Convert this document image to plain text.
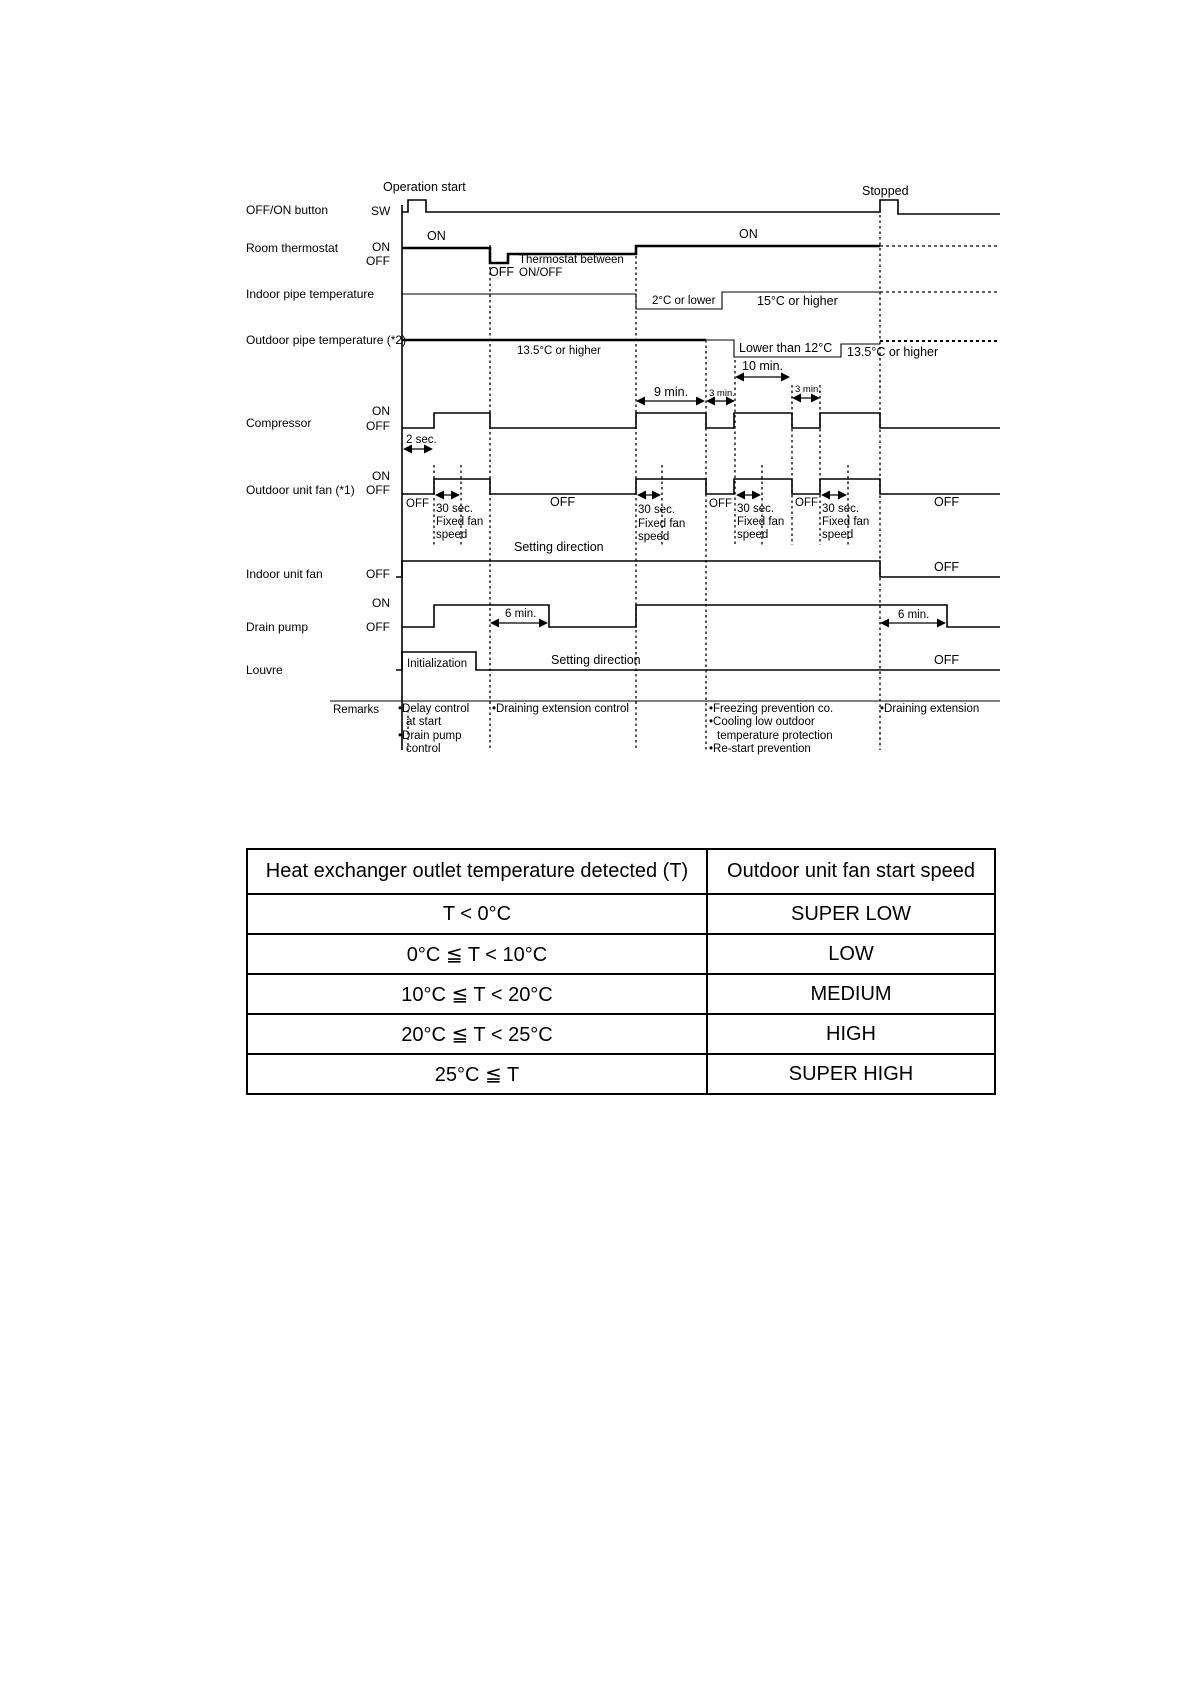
Operation start	Stopped
OFF/ON button
Room thermostat
Indoor pipe temperature
Outdoor pipe temperature (*2)
Compressor
Outdoor unit fan (*1)
Indoor unit fan
Drain pump
Louvre
SW
ON
OFF
ON
OFF
ON
OFF
OFF
ON
OFF
ON	ON
OFF
Thermostat between
ON/OFF
2°C or lower	15°C or higher
13.5°C or higher	Lower than 12°C 13.5°C or higher
10 min.
9 min. 3 min.	3 min.
2 sec.
OFF	OFF	OFF	OFF	OFF
30 sec.
Fixed fan
speed
30 sec.
Fixed fan
speed
30 sec.
Fixed fan
speed
30 sec.
Fixed fan
speed
Setting direction
OFF
6 min.	6 min.
Initialization	Setting direction	OFF
Remarks •Delay control
at start
•Drain pump
control
•Draining extension control	•Freezing prevention co.
•Cooling low outdoor
temperature protection
•Re-start prevention
•Draining extension
Heat exchanger outlet temperature detected (T)	Outdoor unit fan start speed
T < 0°C	SUPER LOW
0°C ≦ T < 10°C	LOW
10°C ≦ T < 20°C	MEDIUM
20°C ≦ T < 25°C	HIGH
25°C ≦ T	SUPER HIGH
